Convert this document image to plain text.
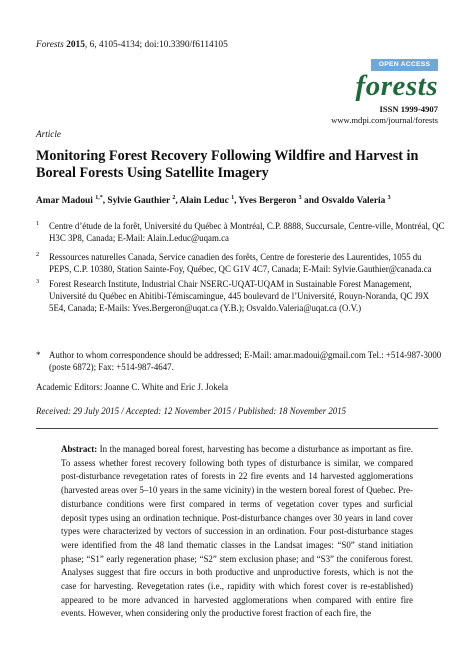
Forests 2015, 6, 4105-4134; doi:10.3390/f6114105
OPEN ACCESS
forests
ISSN 1999-4907
www.mdpi.com/journal/forests
Article
Monitoring Forest Recovery Following Wildfire and Harvest in Boreal Forests Using Satellite Imagery
Amar Madoui $^{1,*}$, Sylvie Gauthier $^2$, Alain Leduc $^1$, Yves Bergeron $^3$ and Osvaldo Valeria $^3$
1 Centre d’étude de la forêt, Université du Québec à Montréal, C.P. 8888, Succursale, Centre-ville, Montréal, QC H3C 3P8, Canada; E-Mail: Alain.Leduc@uqam.ca
2 Ressources naturelles Canada, Service canadien des forêts, Centre de foresterie des Laurentides, 1055 du PEPS, C.P. 10380, Station Sainte-Foy, Québec, QC G1V 4C7, Canada; E-Mail: Sylvie.Gauthier@canada.ca
3 Forest Research Institute, Industrial Chair NSERC-UQAT-UQAM in Sustainable Forest Management, Université du Québec en Abitibi-Témiscamingue, 445 boulevard de l’Université, Rouyn-Noranda, QC J9X 5E4, Canada; E-Mails: Yves.Bergeron@uqat.ca (Y.B.); Osvaldo.Valeria@uqat.ca (O.V.)
* Author to whom correspondence should be addressed; E-Mail: amar.madoui@gmail.com Tel.: +514-987-3000 (poste 6872); Fax: +514-987-4647.
Academic Editors: Joanne C. White and Eric J. Jokela
Received: 29 July 2015 / Accepted: 12 November 2015 / Published: 18 November 2015
Abstract: In the managed boreal forest, harvesting has become a disturbance as important as fire. To assess whether forest recovery following both types of disturbance is similar, we compared post-disturbance revegetation rates of forests in 22 fire events and 14 harvested agglomerations (harvested areas over 5–10 years in the same vicinity) in the western boreal forest of Quebec. Pre-disturbance conditions were first compared in terms of vegetation cover types and surficial deposit types using an ordination technique. Post-disturbance changes over 30 years in land cover types were characterized by vectors of succession in an ordination. Four post-disturbance stages were identified from the 48 land thematic classes in the Landsat images: “S0” stand initiation phase; “S1” early regeneration phase; “S2” stem exclusion phase; and “S3” the coniferous forest. Analyses suggest that fire occurs in both productive and unproductive forests, which is not the case for harvesting. Revegetation rates (i.e., rapidity with which forest cover is re-established) appeared to be more advanced in harvested agglomerations when compared with entire fire events. However, when considering only the productive forest fraction of each fire, the
